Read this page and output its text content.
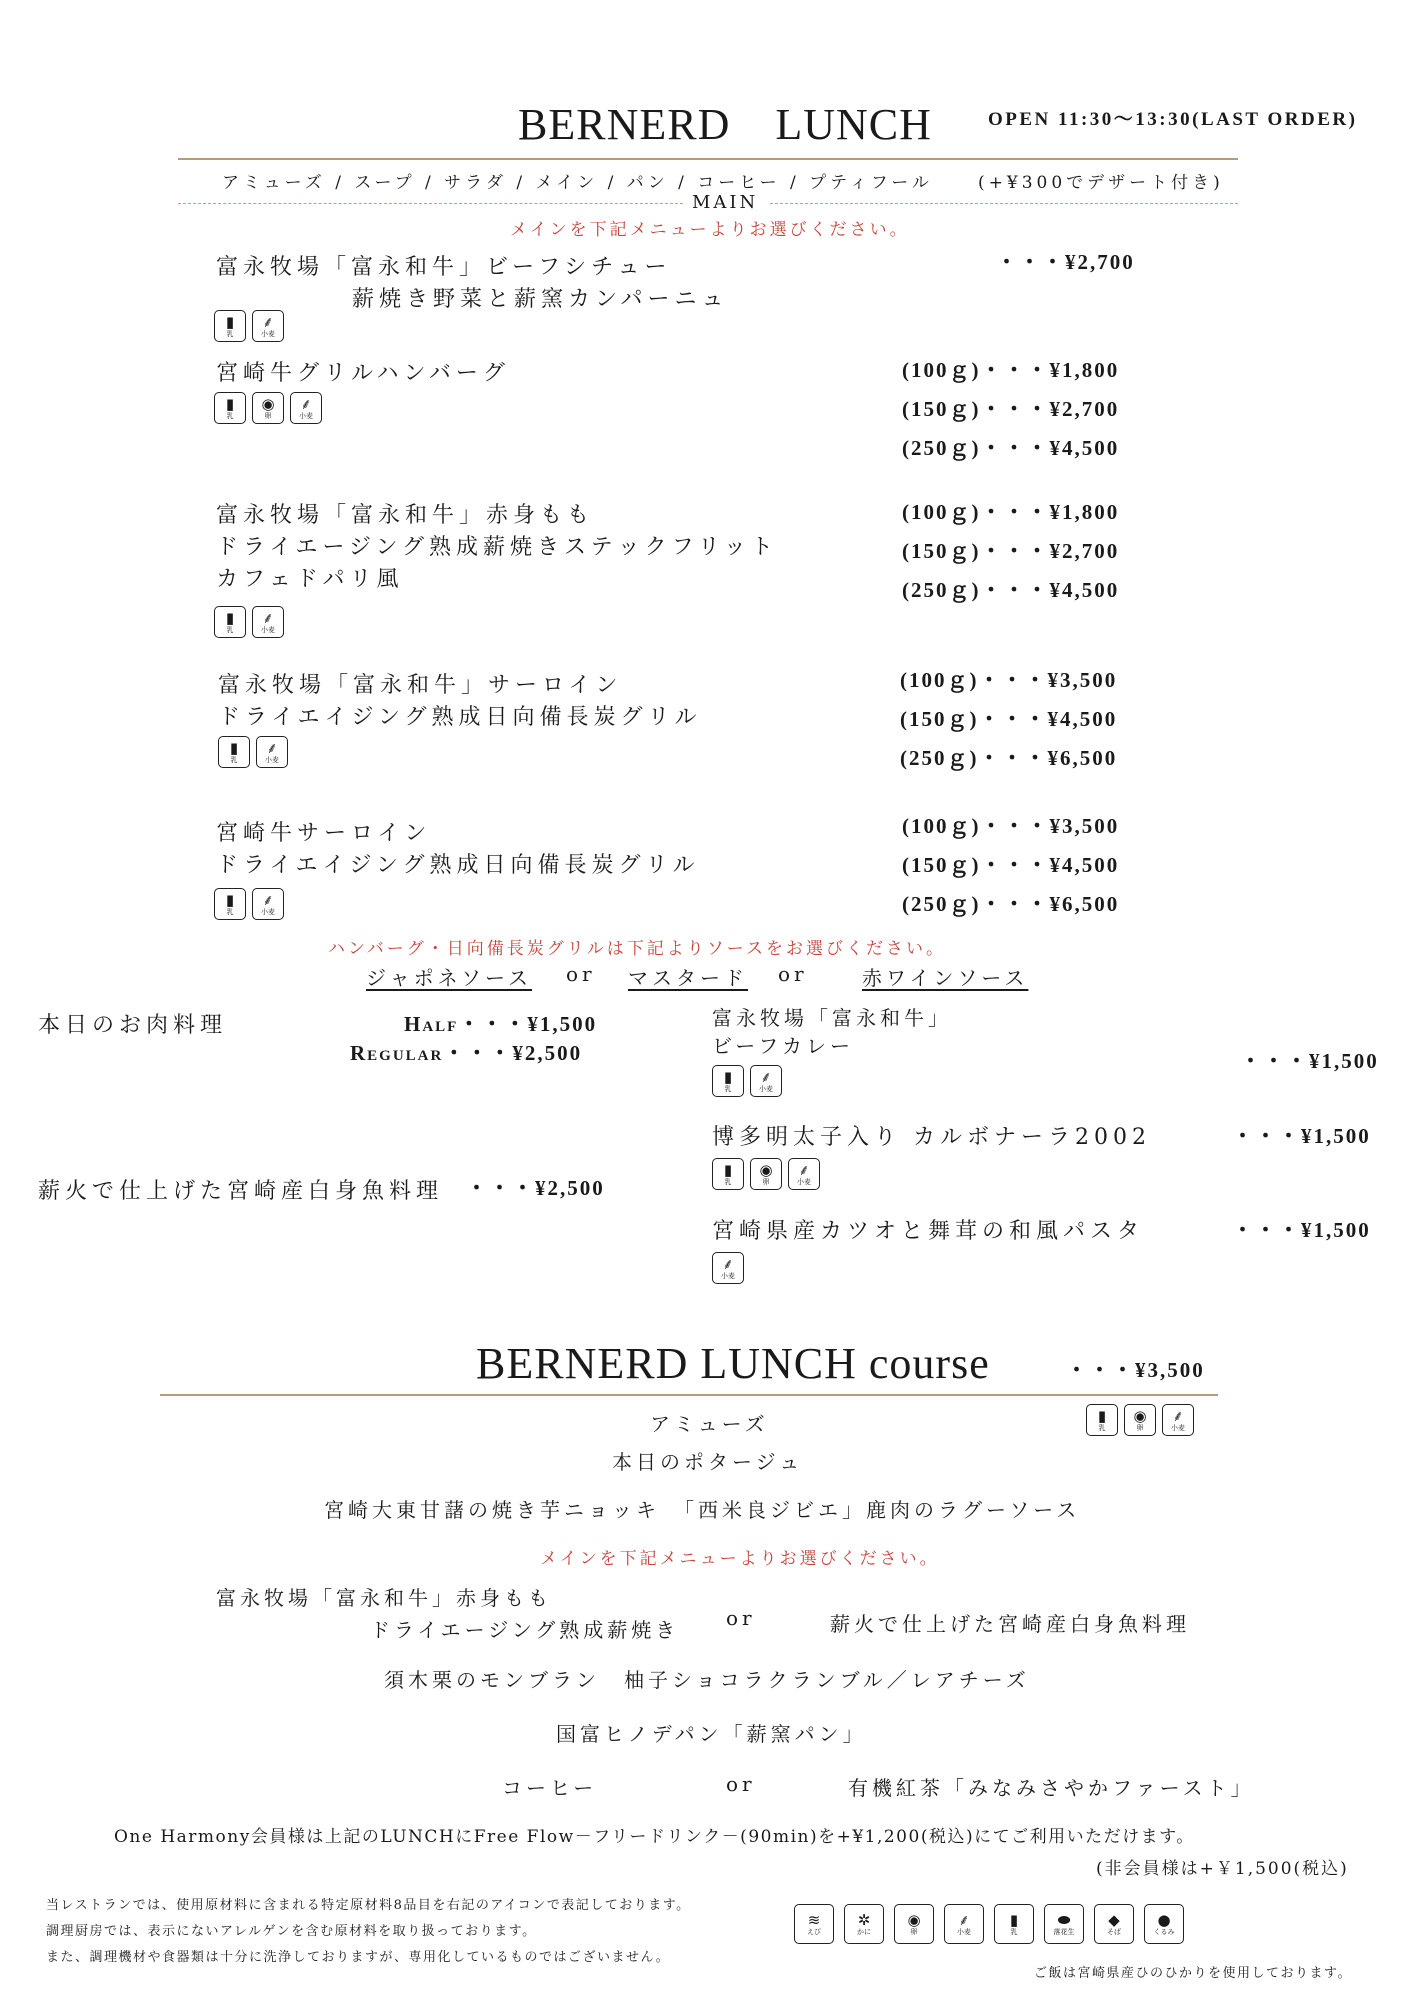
BERNERD　LUNCH	OPEN 11:30〜13:30(LAST ORDER)
アミューズ / スープ / サラダ / メイン / パン / コーヒー / プティフール	(+¥300でデザート付き)
MAIN
メインを下記メニューよりお選びください。
富永牧場「富永和牛」ビーフシチュー
薪焼き野菜と薪窯カンパーニュ
・・・¥2,700
▮
乳
⸙
小麦
宮崎牛グリルハンバーグ	(100ｇ)・・・¥1,800
(150ｇ)・・・¥2,700
(250ｇ)・・・¥4,500
▮
乳
◉
卵
⸙
小麦
富永牧場「富永和牛」赤身もも
ドライエージング熟成薪焼きステックフリット
カフェドパリ風
(100ｇ)・・・¥1,800
(150ｇ)・・・¥2,700
(250ｇ)・・・¥4,500
▮
乳
⸙
小麦
富永牧場「富永和牛」サーロイン
ドライエイジング熟成日向備長炭グリル
(100ｇ)・・・¥3,500
(150ｇ)・・・¥4,500
(250ｇ)・・・¥6,500
▮
乳
⸙
小麦
宮崎牛サーロイン
ドライエイジング熟成日向備長炭グリル
(100ｇ)・・・¥3,500
(150ｇ)・・・¥4,500
(250ｇ)・・・¥6,500
▮
乳
⸙
小麦
ハンバーグ・日向備長炭グリルは下記よりソースをお選びください。
ジャポネソース or マスタード or	赤ワインソース
本日のお肉料理	Half・・・¥1,500
Regular・・・¥2,500
薪火で仕上げた宮崎産白身魚料理 ・・・¥2,500
富永牧場「富永和牛」
ビーフカレー
・・・¥1,500
▮
乳
⸙
小麦
博多明太子入り カルボナーラ2002	・・・¥1,500
▮
乳
◉
卵
⸙
小麦
宮崎県産カツオと舞茸の和風パスタ	・・・¥1,500
⸙
小麦
BERNERD LUNCH course	・・・¥3,500
▮
乳
◉
卵
⸙
小麦
アミューズ
本日のポタージュ
宮崎大東甘藷の焼き芋ニョッキ　「西米良ジビエ」鹿肉のラグーソース
メインを下記メニューよりお選びください。
富永牧場「富永和牛」赤身もも
ドライエージング熟成薪焼き or	薪火で仕上げた宮崎産白身魚料理
須木栗のモンブラン　柚子ショコラクランブル／レアチーズ
国富ヒノデパン「薪窯パン」
コーヒー	or	有機紅茶「みなみさやかファースト」
One Harmony会員様は上記のLUNCHにFree Flow－フリードリンク－(90min)を+¥1,200(税込)にてご利用いただけます。
(非会員様は+￥1,500(税込)
当レストランでは、使用原材料に含まれる特定原材料8品目を右記のアイコンで表記しております。
調理厨房では、表示にないアレルゲンを含む原材料を取り扱っております。
また、調理機材や食器類は十分に洗浄しておりますが、専用化しているものではございません。
≋
えび
✲
かに
◉
卵
⸙
小麦
▮
乳
⬬
落花生
◆
そば
●
くるみ
ご飯は宮崎県産ひのひかりを使用しております。
